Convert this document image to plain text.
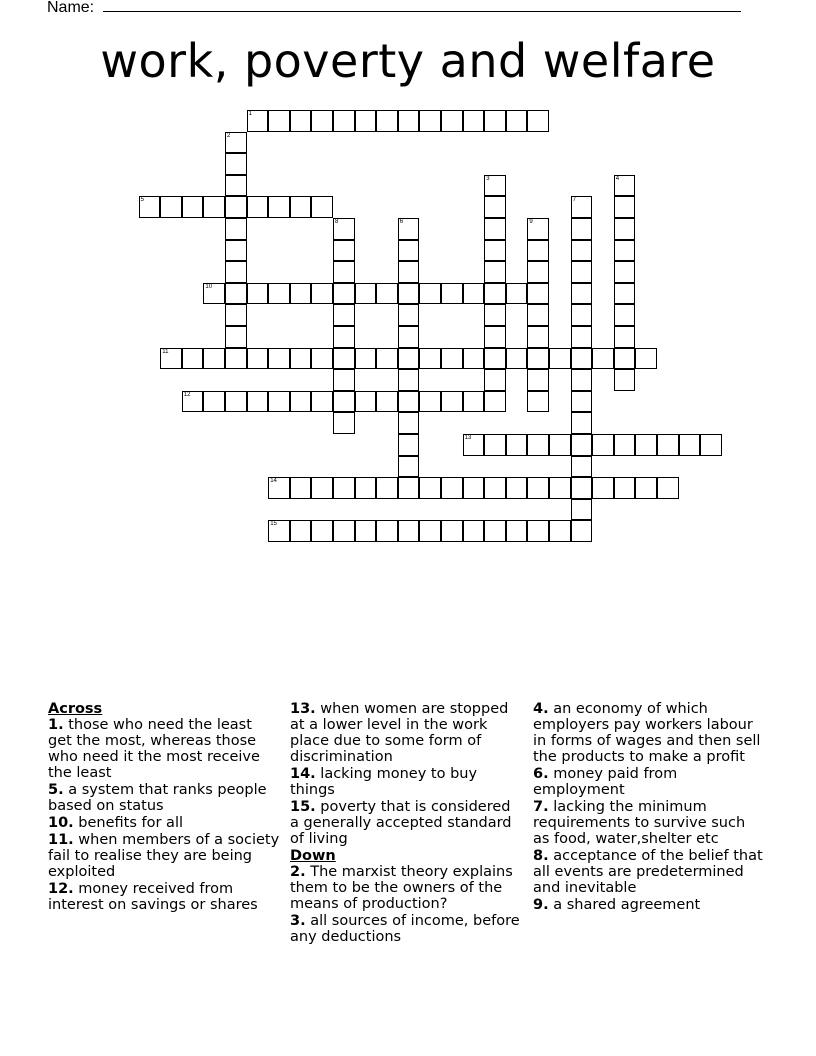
Name:
work, poverty and welfare
1
5
10
11
12
13
14
15
2
3	4
6
7
8	9
Across
1. those who need the least get the most, whereas those who need it the most receive the least
5. a system that ranks people based on status
10. benefits for all
11. when members of a society fail to realise they are being exploited
12. money received from interest on savings or shares
13. when women are stopped at a lower level in the work place due to some form of discrimination
14. lacking money to buy things
15. poverty that is considered a generally accepted standard of living
Down
2. The marxist theory explains them to be the owners of the means of production?
3. all sources of income, before any deductions
4. an economy of which employers pay workers labour in forms of wages and then sell the products to make a profit
6. money paid from employment
7. lacking the minimum requirements to survive such as food, water,shelter etc
8. acceptance of the belief that all events are predetermined and inevitable
9. a shared agreement
